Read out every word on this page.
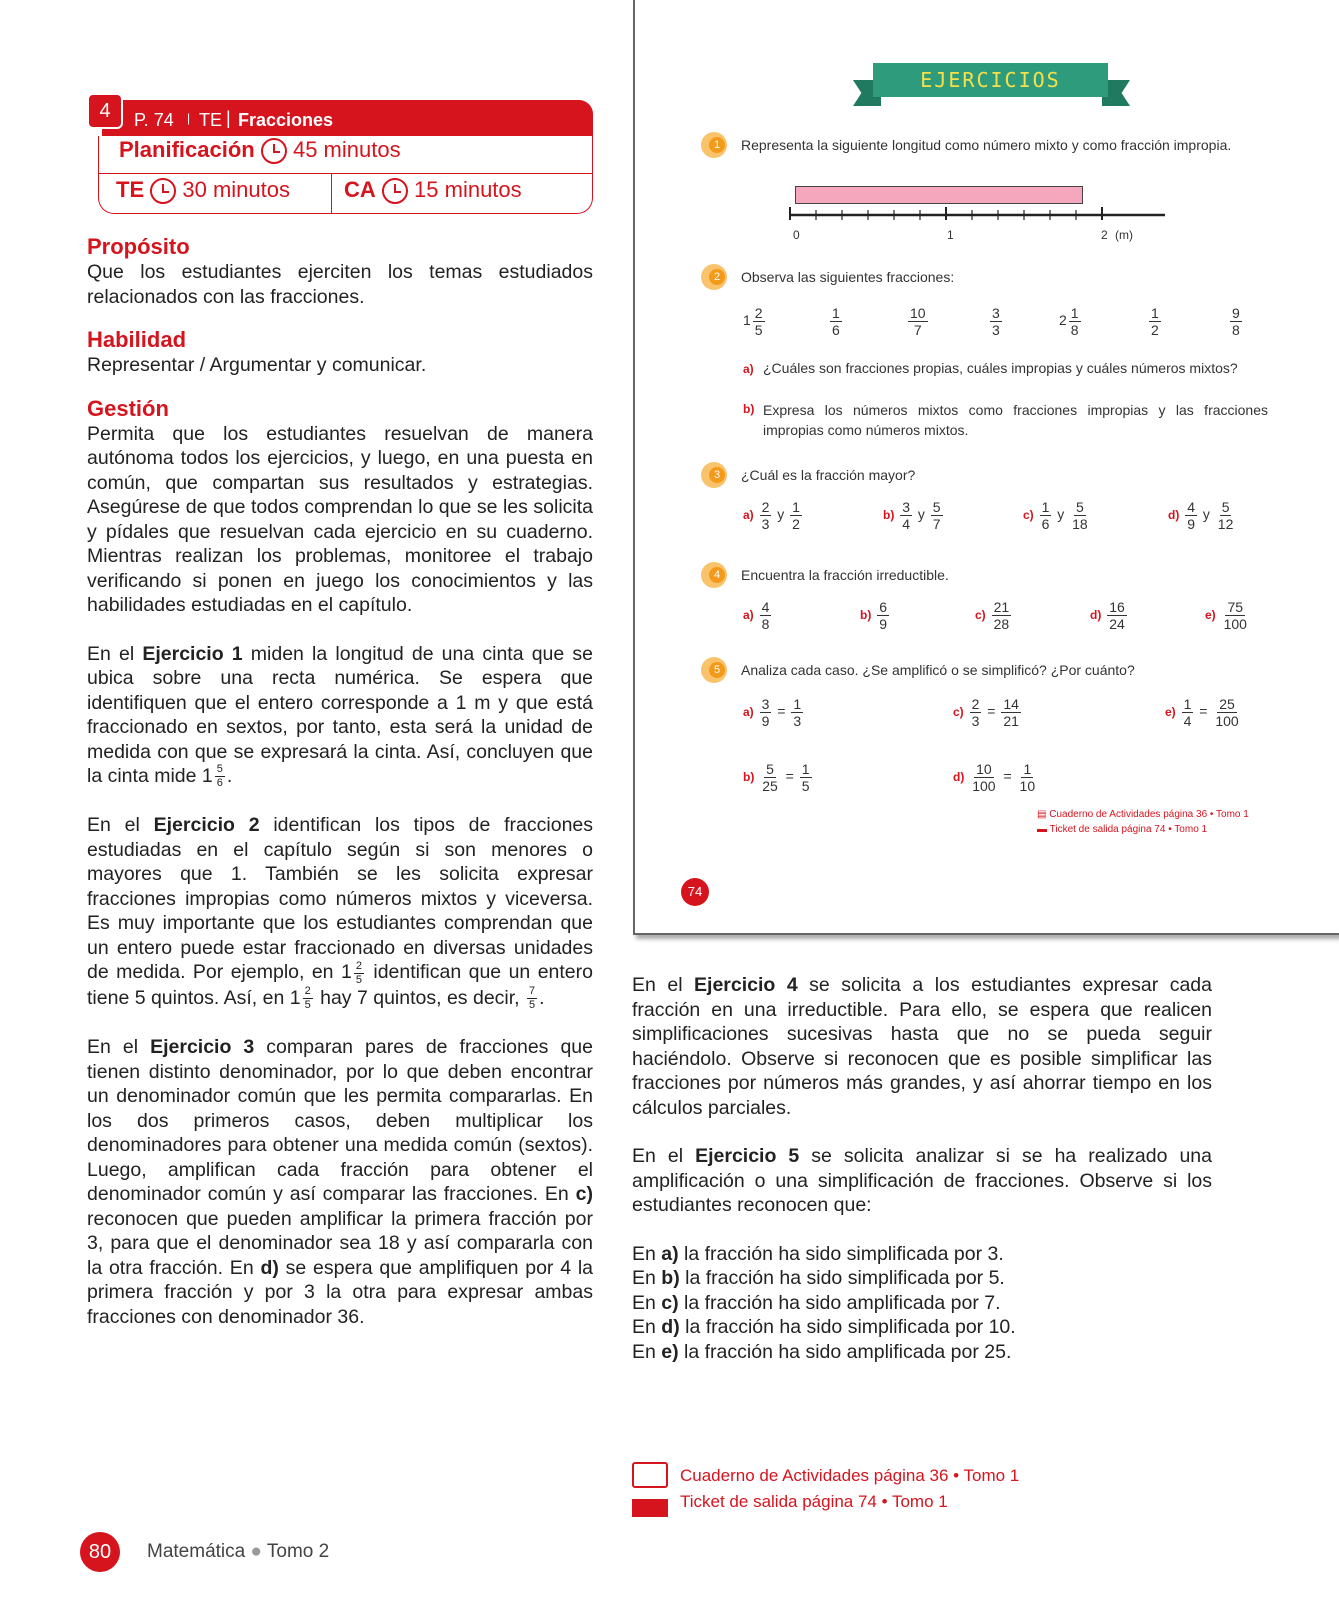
P. 74 | TE | Fracciones
4
Planificación 45 minutos
TE 30 minutos CA 15 minutos
Propósito

Que los estudiantes ejerciten los temas estudiados relacionados con las fracciones.

Habilidad

Representar / Argumentar y comunicar.

Gestión

Permita que los estudiantes resuelvan de manera autónoma todos los ejercicios, y luego, en una puesta en común, que compartan sus resultados y estrategias. Asegúrese de que todos comprendan lo que se les solicita y pídales que resuelvan cada ejercicio en su cuaderno. Mientras realizan los problemas, monitoree el trabajo verificando si ponen en juego los conocimientos y las habilidades estudiadas en el capítulo.

En el Ejercicio 1 miden la longitud de una cinta que se ubica sobre una recta numérica. Se espera que identifiquen que el entero corresponde a 1 m y que está fraccionado en sextos, por tanto, esta será la unidad de medida con que se expresará la cinta. Así, concluyen que la cinta mide $1 \frac{5}{6}$ .

En el Ejercicio 2 identifican los tipos de fracciones estudiadas en el capítulo según si son menores o mayores que 1. También se les solicita expresar fracciones impropias como números mixtos y viceversa. Es muy importante que los estudiantes comprendan que un entero puede estar fraccionado en diversas unidades de medida. Por ejemplo, en $1 \frac{2}{5}$ identifican que un entero tiene 5 quintos. Así, en $1 \frac{2}{5}$ hay 7 quintos, es decir, $\frac{7}{5}$ .

En el Ejercicio 3 comparan pares de fracciones que tienen distinto denominador, por lo que deben encontrar un denominador común que les permita compararlas. En los dos primeros casos, deben multiplicar los denominadores para obtener una medida común (sextos). Luego, amplifican cada fracción para obtener el denominador común y así comparar las fracciones. En c) reconocen que pueden amplificar la primera fracción por 3, para que el denominador sea 18 y así compararla con la otra fracción. En d) se espera que amplifiquen por 4 la primera fracción y por 3 la otra para expresar ambas fracciones con denominador 36.

EJERCICIOS
1	Representa la siguiente longitud como número mixto y como fracción impropia.
0	1	2 (m)
2	Observa las siguientes fracciones:
$1 \frac{2}{5}$	$\frac{1}{6}$	$\frac{10}{7}$	$\frac{3}{3}$	$2 \frac{1}{8}$	$\frac{1}{2}$	$\frac{9}{8}$
a) ¿Cuáles son fracciones propias, cuáles impropias y cuáles números mixtos?
b) Expresa los números mixtos como fracciones impropias y las fracciones impropias como números mixtos.
3	¿Cuál es la fracción mayor?
$a) \frac{2}{3}$ y $\frac{1}{2}$	$b) \frac{3}{4}$ y $\frac{5}{7}$	$c) \frac{1}{6}$ y $\frac{5}{18}$	$d) \frac{4}{9}$ y $\frac{5}{12}$
4	Encuentra la fracción irreductible.
$a) \frac{4}{8}$	$b) \frac{6}{9}$	$c) \frac{21}{28}$	$d) \frac{16}{24}$	$e) \frac{75}{100}$
5	Analiza cada caso. ¿Se amplificó o se simplificó? ¿Por cuánto?
$a) \frac{3}{9} = \frac{1}{3}$	$c) \frac{2}{3} = \frac{14}{21}$	$e) \frac{1}{4} = \frac{25}{100}$
$b) \frac{5}{25} = \frac{1}{5}$	$d) \frac{10}{100} = \frac{1}{10}$
▤ Cuaderno de Actividades página 36 • Tomo 1
▬ Ticket de salida página 74 • Tomo 1
74

En el Ejercicio 4 se solicita a los estudiantes expresar cada fracción en una irreductible. Para ello, se espera que realicen simplificaciones sucesivas hasta que no se pueda seguir haciéndolo. Observe si reconocen que es posible simplificar las fracciones por números más grandes, y así ahorrar tiempo en los cálculos parciales.

En el Ejercicio 5 se solicita analizar si se ha realizado una amplificación o una simplificación de fracciones. Observe si los estudiantes reconocen que:

En a) la fracción ha sido simplificada por 3.

En b) la fracción ha sido simplificada por 5.

En c) la fracción ha sido amplificada por 7.

En d) la fracción ha sido simplificada por 10.

En e) la fracción ha sido amplificada por 25.

Cuaderno de Actividades página 36 • Tomo 1
Ticket de salida página 74 • Tomo 1
80	Matemática ● Tomo 2
